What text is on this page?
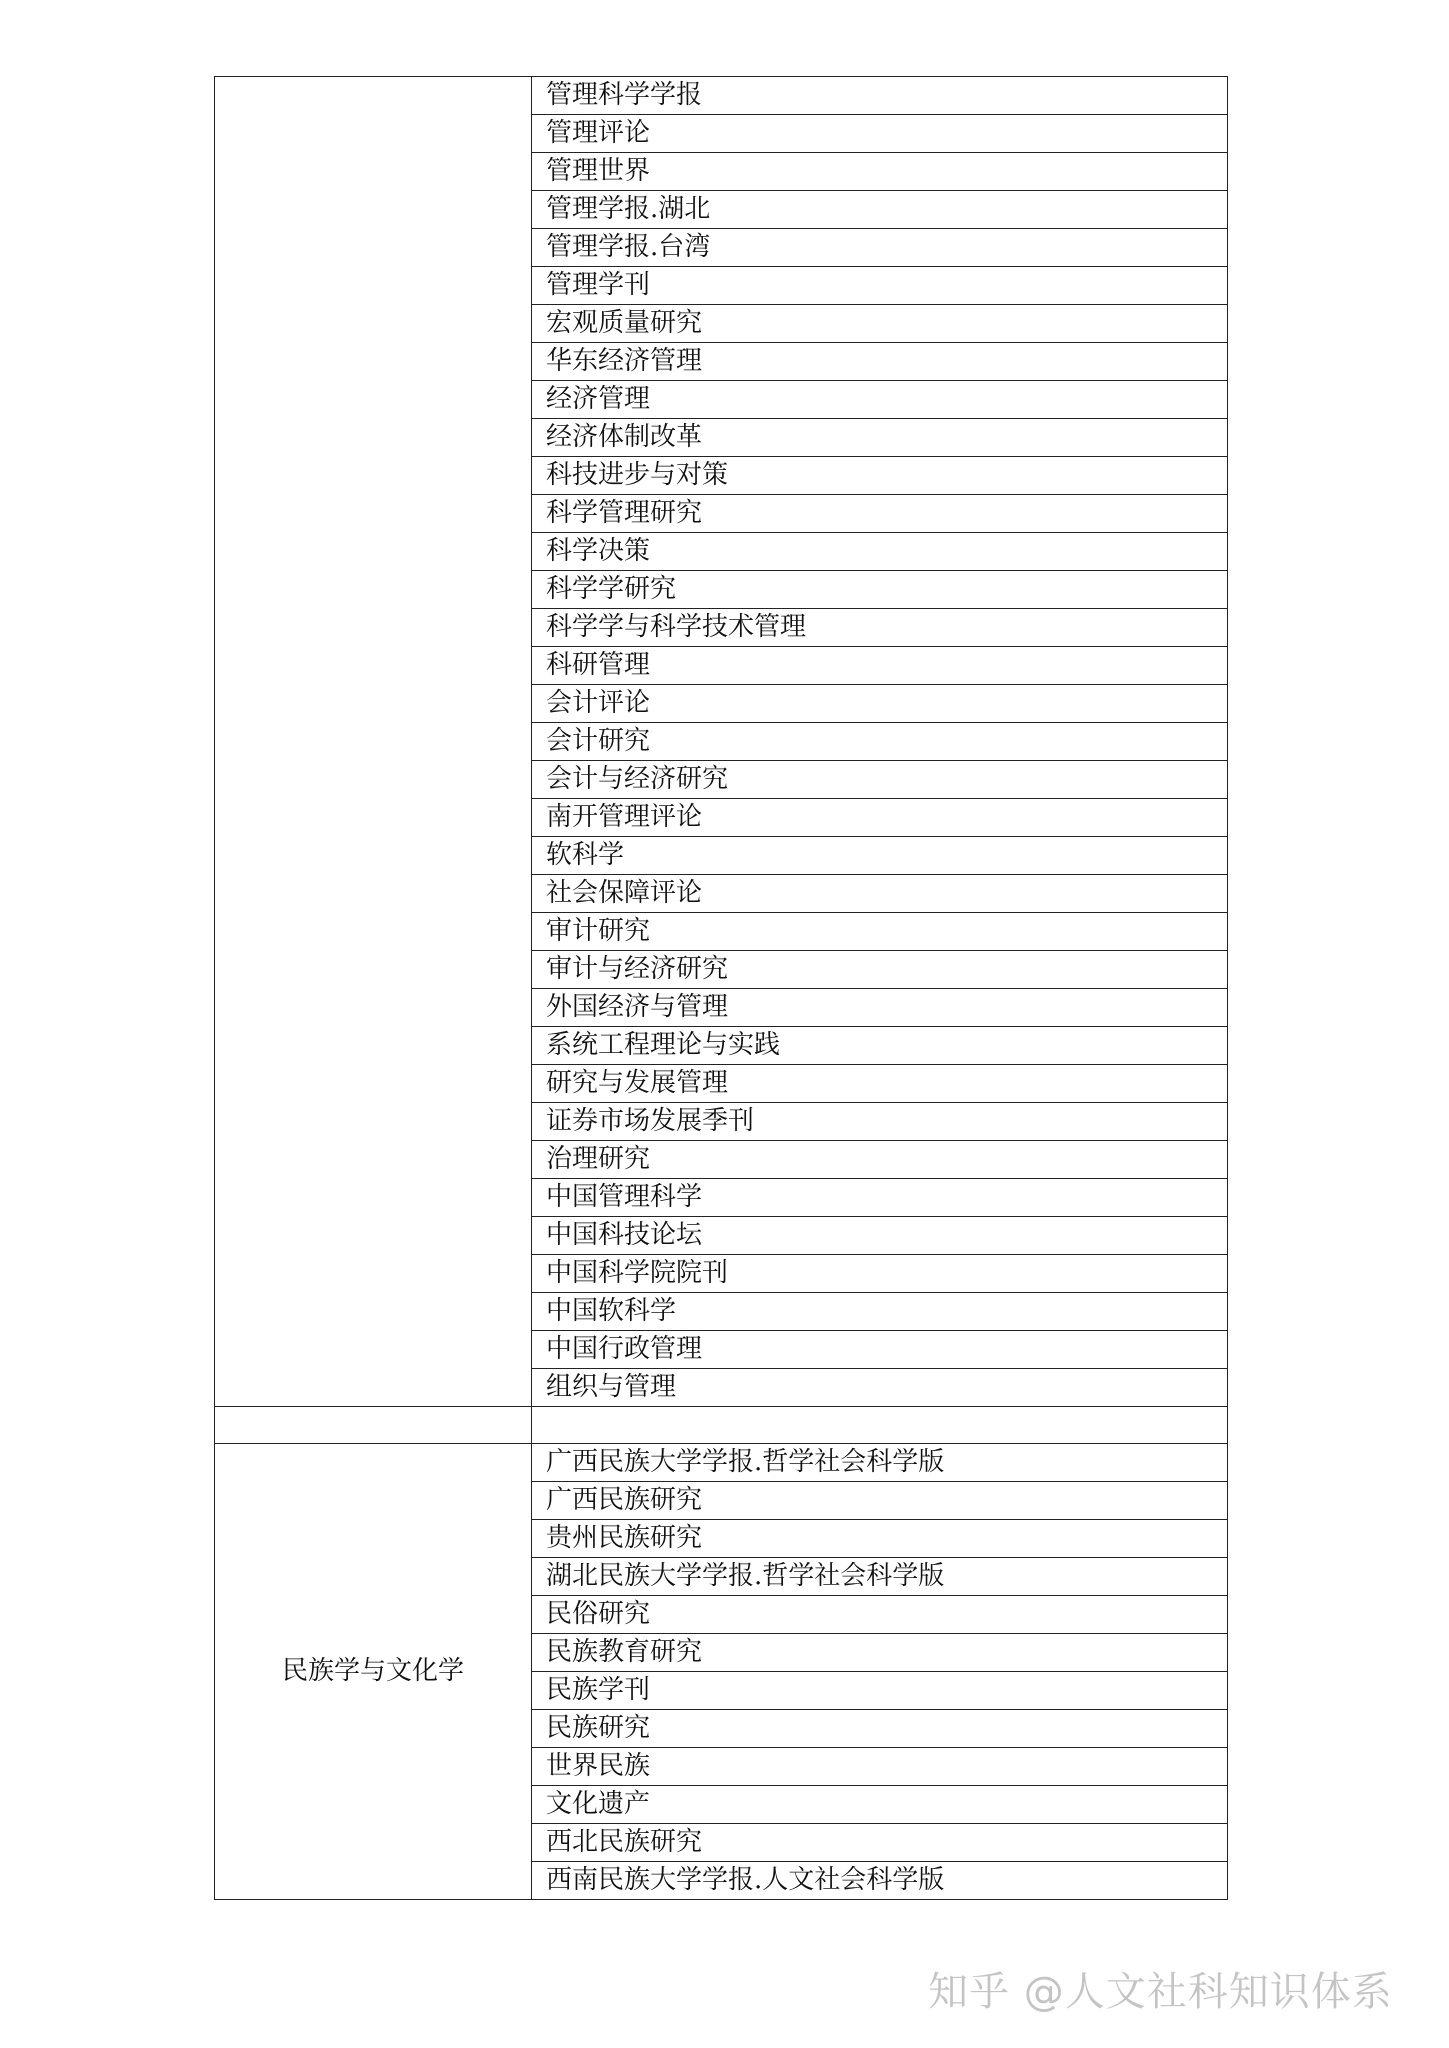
	管理科学学报
	管理评论
	管理世界
	管理学报.湖北
	管理学报.台湾
	管理学刊
	宏观质量研究
	华东经济管理
	经济管理
	经济体制改革
	科技进步与对策
	科学管理研究
	科学决策
	科学学研究
	科学学与科学技术管理
	科研管理
	会计评论
	会计研究
	会计与经济研究
	南开管理评论
	软科学
	社会保障评论
	审计研究
	审计与经济研究
	外国经济与管理
	系统工程理论与实践
	研究与发展管理
	证券市场发展季刊
	治理研究
	中国管理科学
	中国科技论坛
	中国科学院院刊
	中国软科学
	中国行政管理
	组织与管理

民族学与文化学	广西民族大学学报.哲学社会科学版
	广西民族研究
	贵州民族研究
	湖北民族大学学报.哲学社会科学版
	民俗研究
	民族教育研究
	民族学刊
	民族研究
	世界民族
	文化遗产
	西北民族研究
	西南民族大学学报.人文社会科学版
知乎 @人文社科知识体系
